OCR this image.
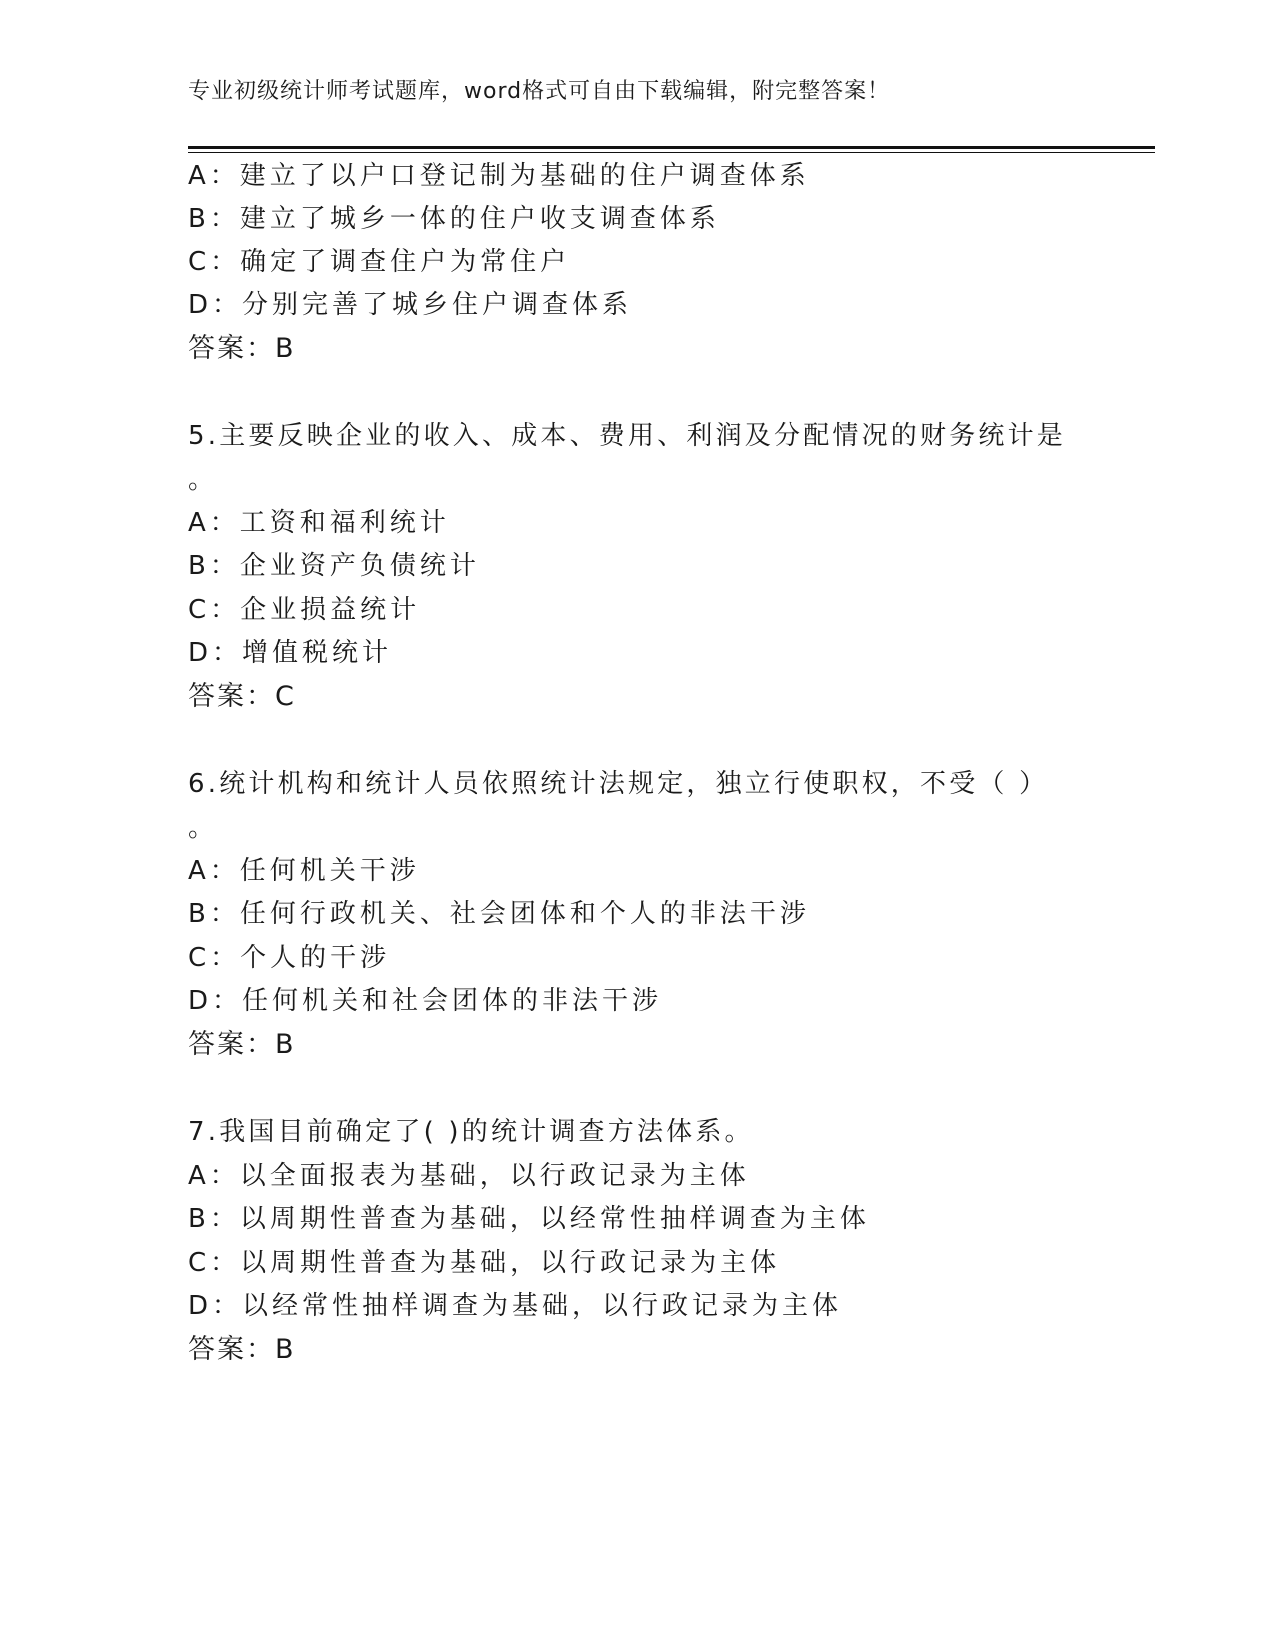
专业初级统计师考试题库，word格式可自由下载编辑，附完整答案！
A：建立了以户口登记制为基础的住户调查体系
B：建立了城乡一体的住户收支调查体系
C：确定了调查住户为常住户
D：分别完善了城乡住户调查体系
答案：B
5.主要反映企业的收入、成本、费用、利润及分配情况的财务统计是
。
A：工资和福利统计
B：企业资产负债统计
C：企业损益统计
D：增值税统计
答案：C
6.统计机构和统计人员依照统计法规定，独立行使职权，不受（ ）
。
A：任何机关干涉
B：任何行政机关、社会团体和个人的非法干涉
C：个人的干涉
D：任何机关和社会团体的非法干涉
答案：B
7.我国目前确定了( )的统计调查方法体系。
A：以全面报表为基础，以行政记录为主体
B：以周期性普查为基础，以经常性抽样调查为主体
C：以周期性普查为基础，以行政记录为主体
D：以经常性抽样调查为基础，以行政记录为主体
答案：B
